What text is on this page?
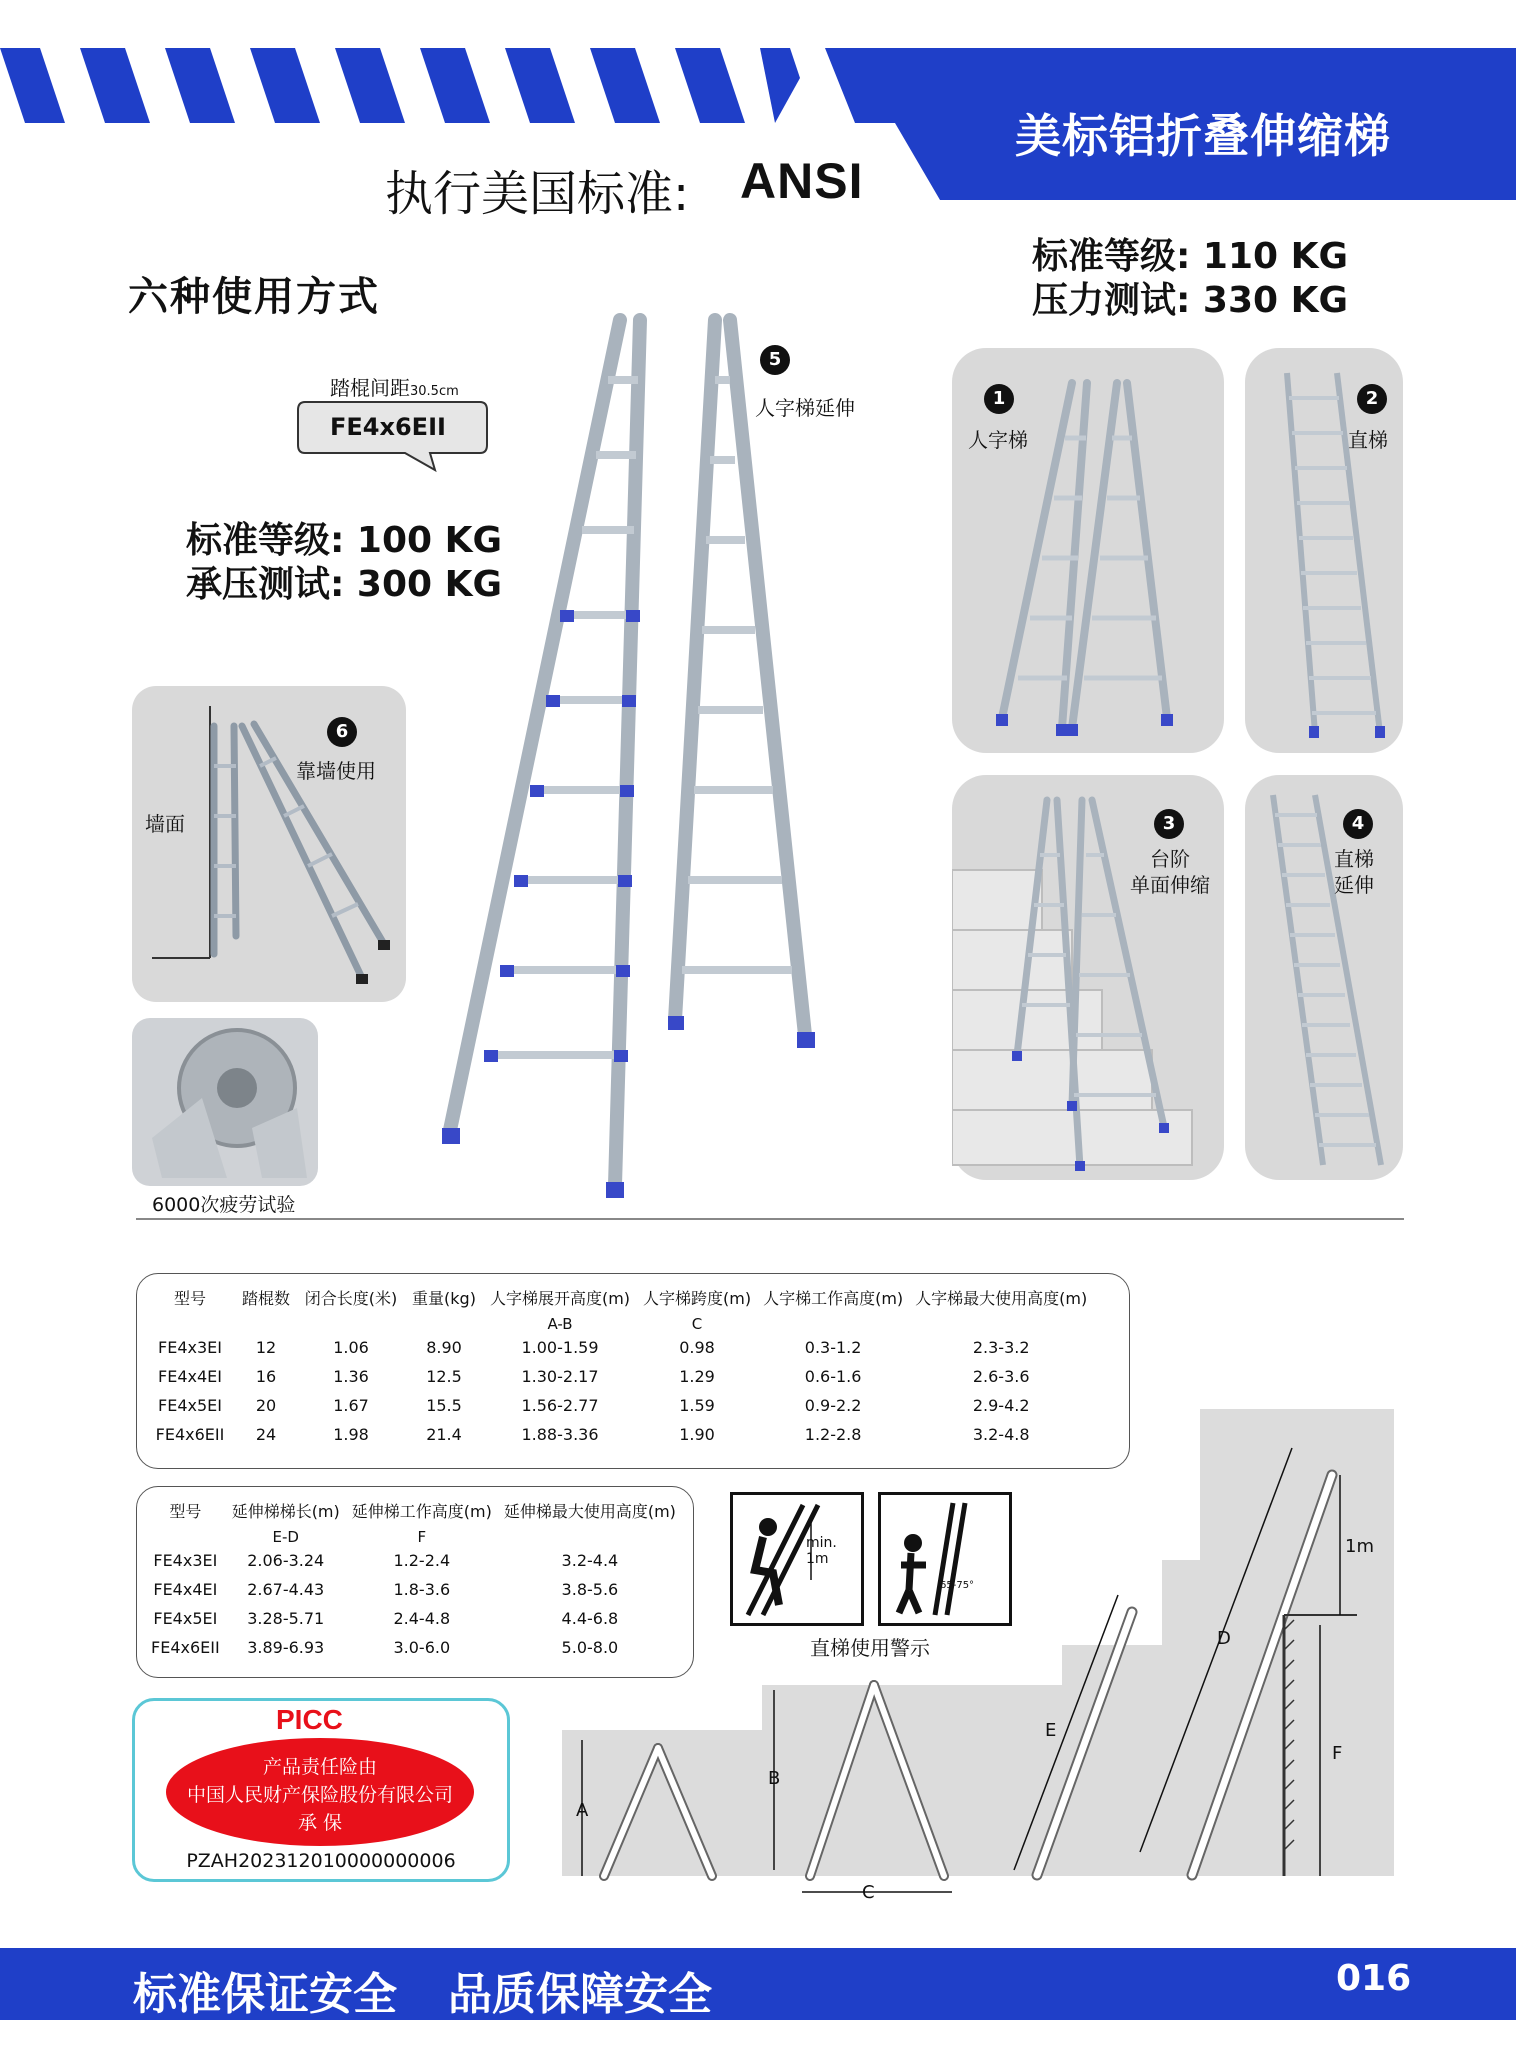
美标铝折叠伸缩梯
执行美国标准: ANSI
标准等级: 110 KG
压力测试: 330 KG
六种使用方式
踏棍间距30.5cm
FE4x6EII
标准等级: 100 KG
承压测试: 300 KG
6
靠墙使用
墙面
6000次疲劳试验
5
人字梯延伸	1
人字梯
2
直梯
3
台阶
单面伸缩
4
直梯
延伸
型号	踏棍数	闭合长度(米)	重量(kg)	人字梯展开高度(m)	人字梯跨度(m)	人字梯工作高度(m)	人字梯最大使用高度(m)
				A-B	C		
FE4x3EI	12	1.06	8.90	1.00-1.59	0.98	0.3-1.2	2.3-3.2
FE4x4EI	16	1.36	12.5	1.30-2.17	1.29	0.6-1.6	2.6-3.6
FE4x5EI	20	1.67	15.5	1.56-2.77	1.59	0.9-2.2	2.9-4.2
FE4x6EII	24	1.98	21.4	1.88-3.36	1.90	1.2-2.8	3.2-4.8
型号	延伸梯梯长(m)	延伸梯工作高度(m)	延伸梯最大使用高度(m)
	E-D	F	
FE4x3EI	2.06-3.24	1.2-2.4	3.2-4.4
FE4x4EI	2.67-4.43	1.8-3.6	3.8-5.6
FE4x5EI	3.28-5.71	2.4-4.8	4.4-6.8
FE4x6EII	3.89-6.93	3.0-6.0	5.0-8.0
min.
1m
65-75°
直梯使用警示
A
B
C
E
D
F
1m
PICC
产品责任险由
中国人民财产保险股份有限公司
承 保
PZAH202312010000000006
标准保证安全 品质保障安全	016
